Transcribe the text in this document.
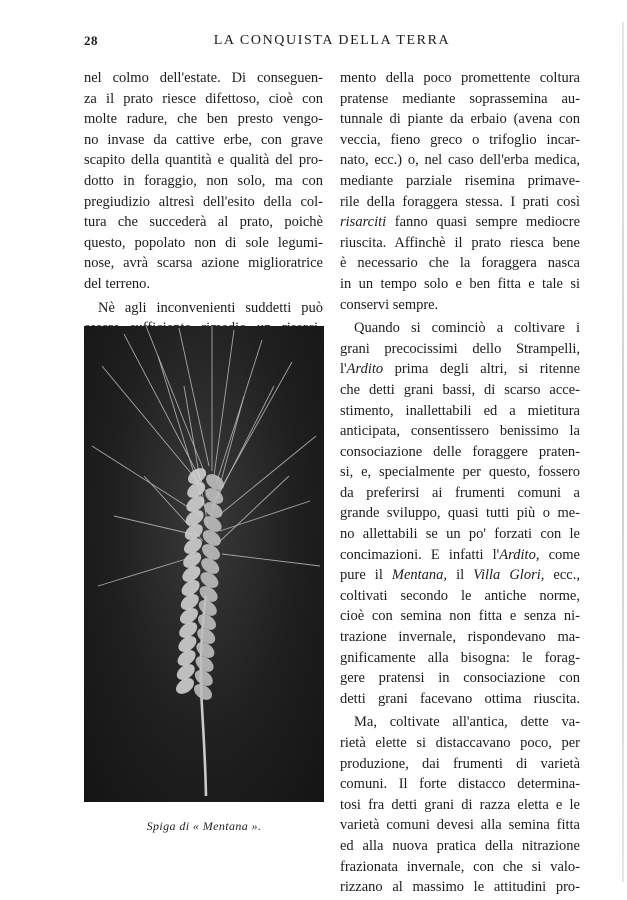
28	LA CONQUISTA DELLA TERRA

nel colmo dell'estate. Di conseguen-

za il prato riesce difettoso, cioè con

molte radure, che ben presto vengo-

no invase da cattive erbe, con grave

scapito della quantità e qualità del pro-

dotto in foraggio, non solo, ma con

pregiudizio altresì dell'esito della col-

tura che succederà al prato, poichè

questo, popolato non di sole legumi-

nose, avrà scarsa azione miglioratrice

del terreno.

Nè agli inconvenienti suddetti può

Spiga di « Mentana ».

mento della poco promettente coltura

pratense mediante soprassemina au-

tunnale di piante da erbaio (avena con

veccia, fieno greco o trifoglio incar-

nato, ecc.) o, nel caso dell'erba medica,

mediante parziale risemina primave-

rile della foraggera stessa. I prati così

risarciti fanno quasi sempre mediocre

riuscita. Affinchè il prato riesca bene

è necessario che la foraggera nasca

in un tempo solo e ben fitta e tale si

conservi sempre.

Quando si cominciò a coltivare i

grani precocissimi dello Strampelli,

l'Ardito prima degli altri, si ritenne

che detti grani bassi, di scarso acce-

stimento, inallettabili ed a mietitura

anticipata, consentissero benissimo la

consociazione delle foraggere praten-

si, e, specialmente per questo, fossero

da preferirsi ai frumenti comuni a

grande sviluppo, quasi tutti più o me-

no allettabili se un po' forzati con le

concimazioni. E infatti l'Ardito, come

pure il Mentana, il Villa Glori, ecc.,

coltivati secondo le antiche norme,

cioè con semina non fitta e senza ni-

trazione invernale, rispondevano ma-

gnificamente alla bisogna: le forag-

gere pratensi in consociazione con

detti grani facevano ottima riuscita.

Ma, coltivate all'antica, dette va-

rietà elette si distaccavano poco, per

produzione, dai frumenti di varietà

comuni. Il forte distacco determina-

tosi fra detti grani di razza eletta e le

varietà comuni devesi alla semina fitta

ed alla nuova pratica della nitrazione

frazionata invernale, con che si valo-

rizzano al massimo le attitudini pro-
